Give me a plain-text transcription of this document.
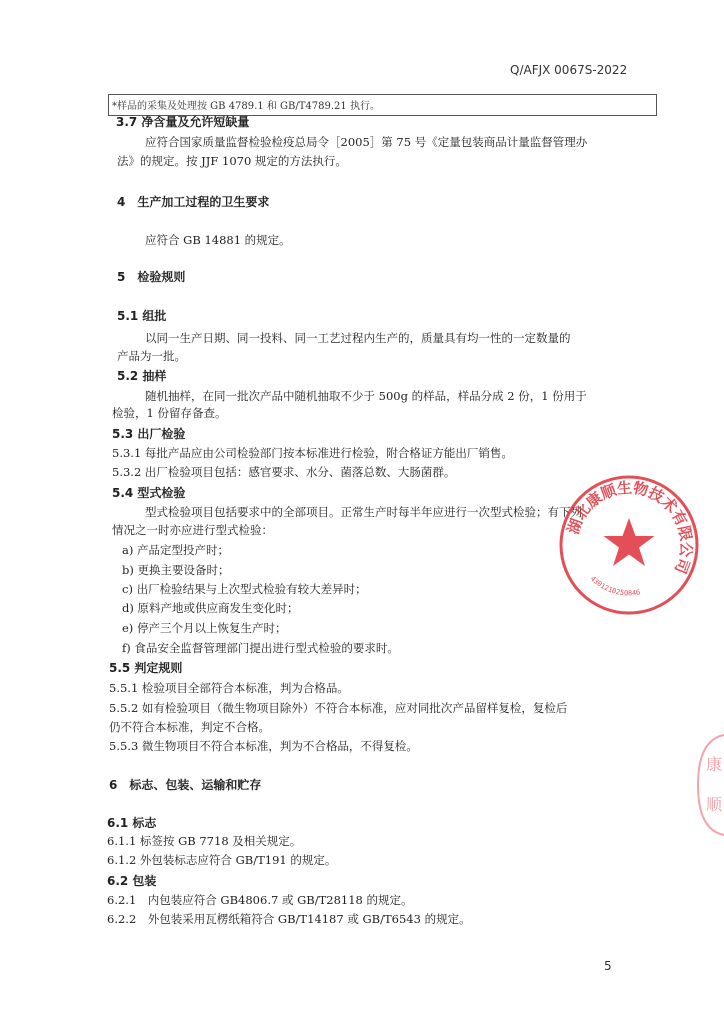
Q/AFJX 0067S-2022
*样品的采集及处理按 GB 4789.1 和 GB/T4789.21 执行。
3.7 净含量及允许短缺量
应符合国家质量监督检验检疫总局令［2005］第 75 号《定量包装商品计量监督管理办
法》的规定。按 JJF 1070 规定的方法执行。
4　生产加工过程的卫生要求
应符合 GB 14881 的规定。
5　检验规则
5.1 组批
以同一生产日期、同一投料、同一工艺过程内生产的，质量具有均一性的一定数量的
产品为一批。
5.2 抽样
随机抽样，在同一批次产品中随机抽取不少于 500g 的样品，样品分成 2 份，1 份用于
检验，1 份留存备查。
5.3 出厂检验
5.3.1 每批产品应由公司检验部门按本标准进行检验，附合格证方能出厂销售。
5.3.2 出厂检验项目包括：感官要求、水分、菌落总数、大肠菌群。
5.4 型式检验
型式检验项目包括要求中的全部项目。正常生产时每半年应进行一次型式检验；有下列
情况之一时亦应进行型式检验：
a) 产品定型投产时；
b) 更换主要设备时；
c) 出厂检验结果与上次型式检验有较大差异时；
d) 原料产地或供应商发生变化时；
e) 停产三个月以上恢复生产时；
f) 食品安全监督管理部门提出进行型式检验的要求时。
5.5 判定规则
5.5.1 检验项目全部符合本标准，判为合格品。
5.5.2 如有检验项目（微生物项目除外）不符合本标准，应对同批次产品留样复检，复检后
仍不符合本标准，判定不合格。
5.5.3 微生物项目不符合本标准，判为不合格品，不得复检。
6　标志、包装、运输和贮存
6.1 标志
6.1.1 标签按 GB 7718 及相关规定。
6.1.2 外包装标志应符合 GB/T191 的规定。
6.2 包装
6.2.1　内包装应符合 GB4806.7 或 GB/T28118 的规定。
6.2.2　外包装采用瓦楞纸箱符合 GB/T14187 或 GB/T6543 的规定。
5
湖北康顺生物技术有限公司
4301210250846
康
顺
